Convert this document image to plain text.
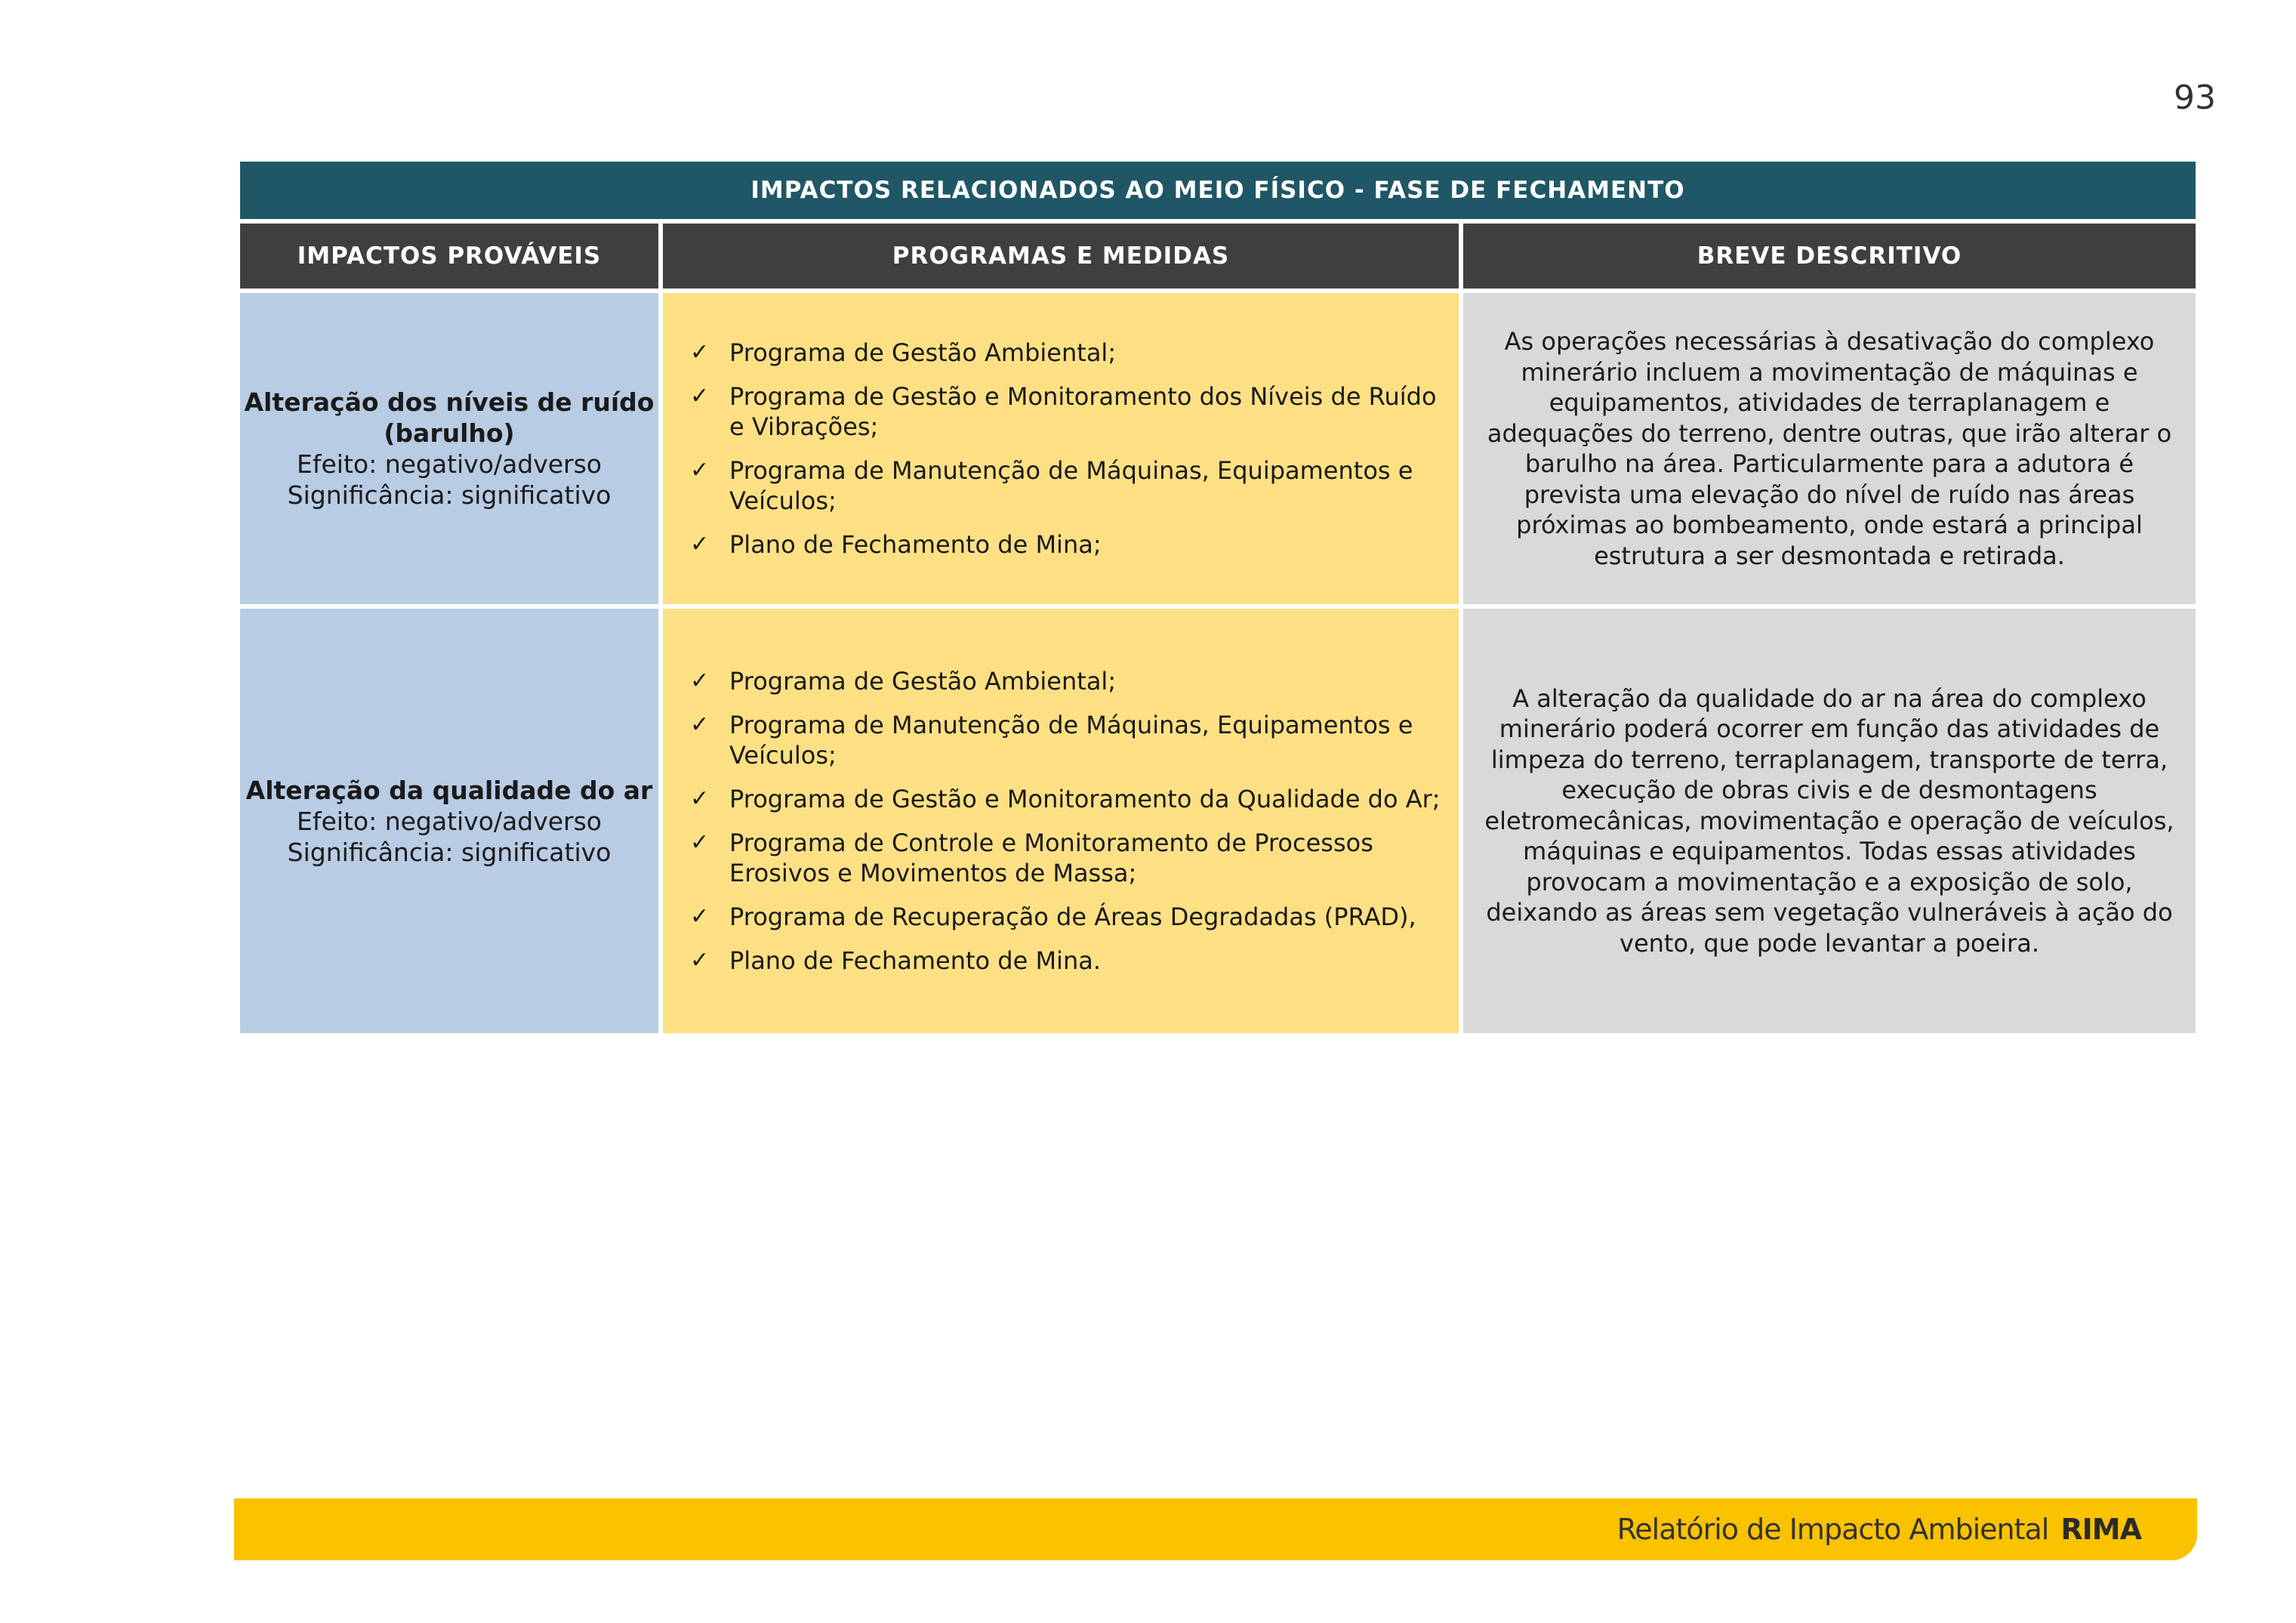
93
IMPACTOS RELACIONADOS AO MEIO FÍSICO - FASE DE FECHAMENTO
IMPACTOS PROVÁVEIS	PROGRAMAS E MEDIDAS	BREVE DESCRITIVO
Alteração dos níveis de ruído
(barulho)
Efeito: negativo/adverso
Significância: significativo
✓ Programa de Gestão Ambiental;
✓ Programa de Gestão e Monitoramento dos Níveis de Ruído e Vibrações;
✓ Programa de Manutenção de Máquinas, Equipamentos e Veículos;
✓ Plano de Fechamento de Mina;
As operações necessárias à desativação do complexo minerário incluem a movimentação de máquinas e equipamentos, atividades de terraplanagem e adequações do terreno, dentre outras, que irão alterar o barulho na área. Particularmente para a adutora é prevista uma elevação do nível de ruído nas áreas próximas ao bombeamento, onde estará a principal estrutura a ser desmontada e retirada.
Alteração da qualidade do ar
Efeito: negativo/adverso
Significância: significativo
✓ Programa de Gestão Ambiental;
✓ Programa de Manutenção de Máquinas, Equipamentos e Veículos;
✓ Programa de Gestão e Monitoramento da Qualidade do Ar;
✓ Programa de Controle e Monitoramento de Processos Erosivos e Movimentos de Massa;
✓ Programa de Recuperação de Áreas Degradadas (PRAD),
✓ Plano de Fechamento de Mina.
A alteração da qualidade do ar na área do complexo minerário poderá ocorrer em função das atividades de limpeza do terreno, terraplanagem, transporte de terra, execução de obras civis e de desmontagens eletromecânicas, movimentação e operação de veículos, máquinas e equipamentos. Todas essas atividades provocam a movimentação e a exposição de solo, deixando as áreas sem vegetação vulneráveis à ação do vento, que pode levantar a poeira.
Relatório de Impacto Ambiental RIMA
